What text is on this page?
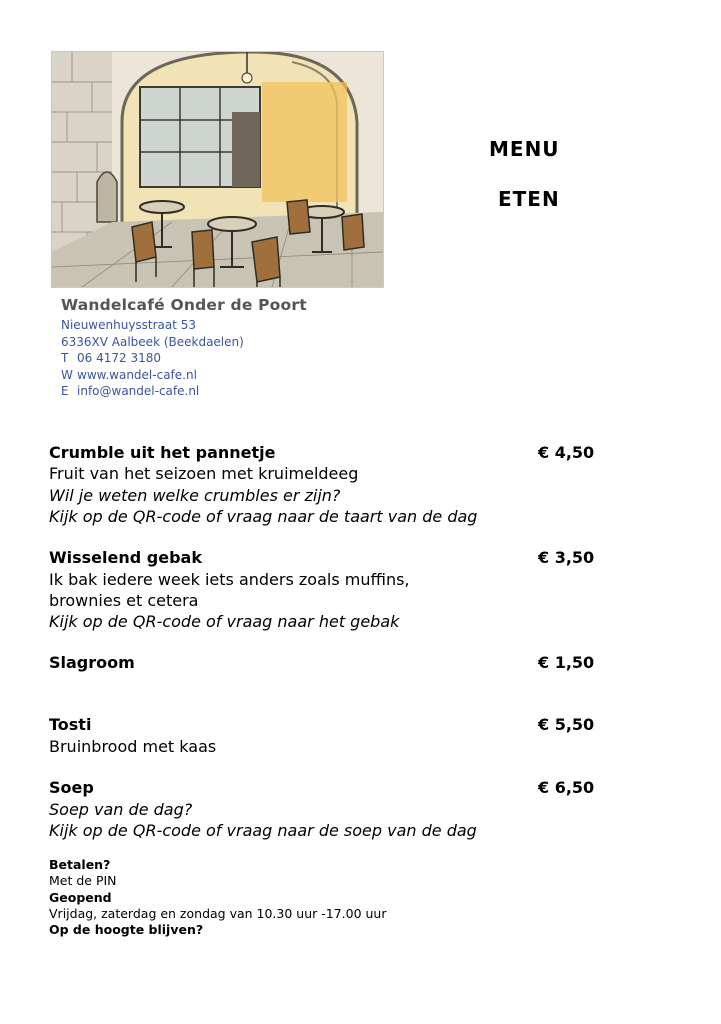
Wandelcafé Onder de Poort
Nieuwenhuysstraat 53
6336XV Aalbeek (Beekdaelen)
T 06 4172 3180
W www.wandel-cafe.nl
E info@wandel-cafe.nl
MENU
ETEN
Crumble uit het pannetje	€ 4,50
Fruit van het seizoen met kruimeldeeg
Wil je weten welke crumbles er zijn?
Kijk op de QR-code of vraag naar de taart van de dag
Wisselend gebak	€ 3,50
Ik bak iedere week iets anders zoals muffins,
brownies et cetera
Kijk op de QR-code of vraag naar het gebak
Slagroom	€ 1,50
Tosti	€ 5,50
Bruinbrood met kaas
Soep	€ 6,50
Soep van de dag?
Kijk op de QR-code of vraag naar de soep van de dag
Betalen?
Met de PIN
Geopend
Vrijdag, zaterdag en zondag van 10.30 uur -17.00 uur
Op de hoogte blijven?
